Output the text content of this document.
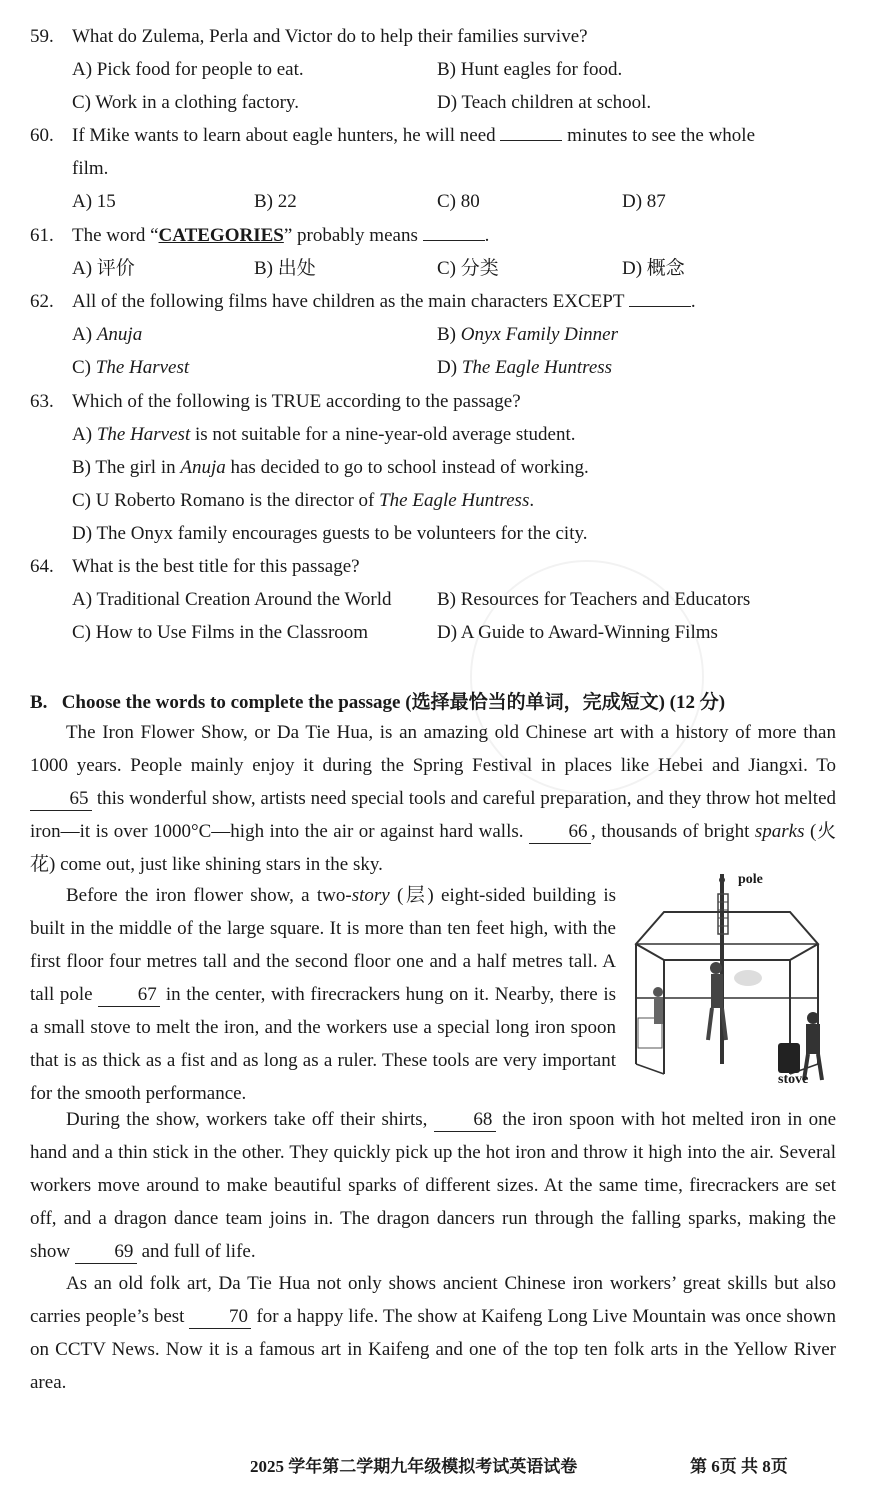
59. What do Zulema, Perla and Victor do to help their families survive?
A) Pick food for people to eat.	B) Hunt eagles for food.
C) Work in a clothing factory.	D) Teach children at school.
60. If Mike wants to learn about eagle hunters, he will need	minutes to see the whole
film.
A) 15	B) 22	C) 80	D) 87
61. The word “CATEGORIES” probably means	.
A) 评价	B) 出处	C) 分类	D) 概念
62. All of the following films have children as the main characters EXCEPT	.
A) Anuja	B) Onyx Family Dinner
C) The Harvest	D) The Eagle Huntress
63. Which of the following is TRUE according to the passage?
A) The Harvest is not suitable for a nine-year-old average student.
B) The girl in Anuja has decided to go to school instead of working.
C) U Roberto Romano is the director of The Eagle Huntress.
D) The Onyx family encourages guests to be volunteers for the city.
64. What is the best title for this passage?
A) Traditional Creation Around the World B) Resources for Teachers and Educators
C) How to Use Films in the Classroom	D) A Guide to Award-Winning Films
B. Choose the words to complete the passage (选择最恰当的单词，完成短文) (12 分)
The Iron Flower Show, or Da Tie Hua, is an amazing old Chinese art with a history of more than 1000 years. People mainly enjoy it during the Spring Festival in places like Hebei and Jiangxi. To 65 this wonderful show, artists need special tools and careful preparation, and they throw hot melted iron—it is over 1000°C—high into the air or against hard walls. 66 , thousands of bright sparks (火花) come out, just like shining stars in the sky.
Before the iron flower show, a two-story (层) eight-sided building is built in the middle of the large square. It is more than ten feet high, with the first floor four metres tall and the second floor one and a half metres tall. A tall pole 67 in the center, with firecrackers hung on it. Nearby, there is a small stove to melt the iron, and the workers use a special long iron spoon that is as thick as a fist and as long as a ruler. These tools are very important for the smooth performance.
pole
stove
During the show, workers take off their shirts, 68 the iron spoon with hot melted iron in one hand and a thin stick in the other. They quickly pick up the hot iron and throw it high into the air. Several workers move around to make beautiful sparks of different sizes. At the same time, firecrackers are set off, and a dragon dance team joins in. The dragon dancers run through the falling sparks, making the show 69 and full of life.
As an old folk art, Da Tie Hua not only shows ancient Chinese iron workers’ great skills but also carries people’s best 70 for a happy life. The show at Kaifeng Long Live Mountain was once shown on CCTV News. Now it is a famous art in Kaifeng and one of the top ten folk arts in the Yellow River area.
2025 学年第二学期九年级模拟考试英语试卷	第 6页 共 8页
